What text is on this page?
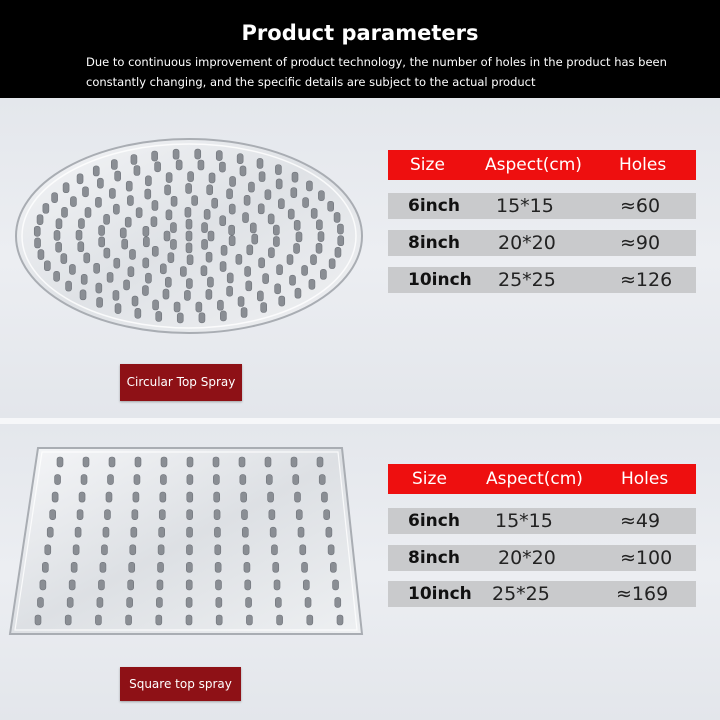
Product parameters
Due to continuous improvement of product technology, the number of holes in the product has been constantly changing, and the specific details are subject to the actual product
Circular Top Spray
Size Aspect(cm) Holes
6inch 15*15	≈60
8inch 20*20	≈90
10inch 25*25	≈126
Square top spray
Size Aspect(cm) Holes
6inch 15*15	≈49
8inch 20*20	≈100
10inch 25*25	≈169
